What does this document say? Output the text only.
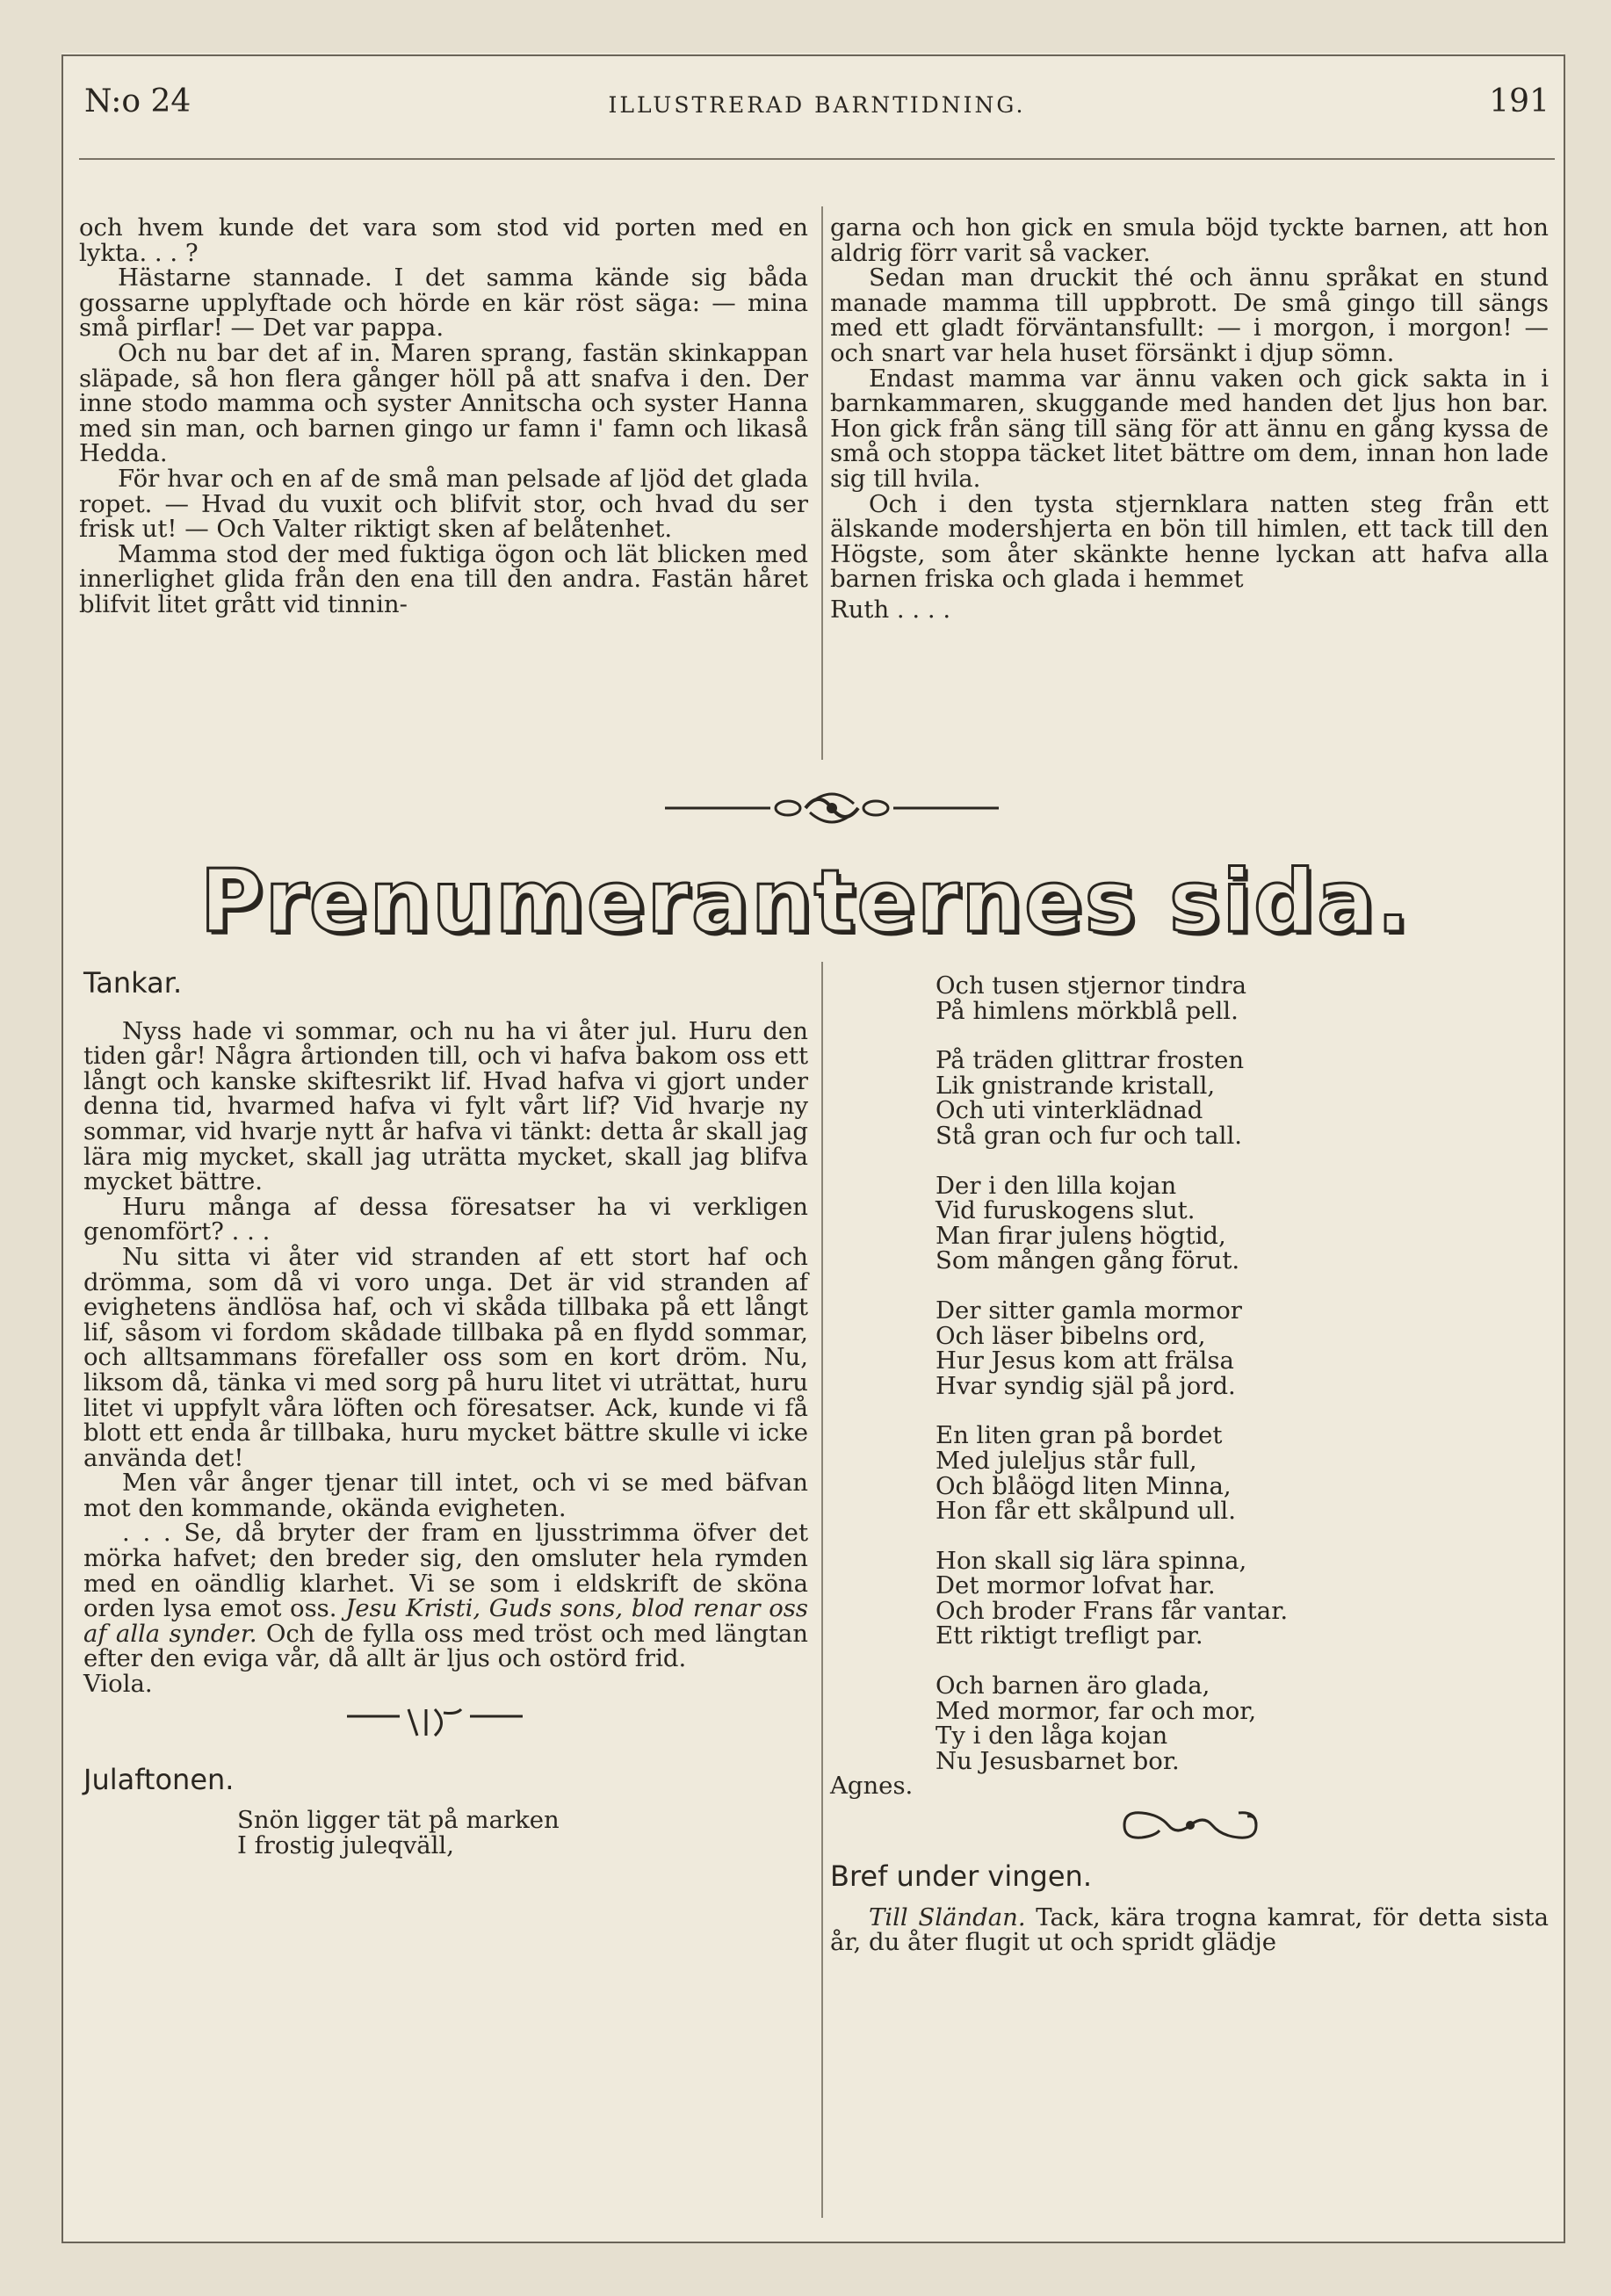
N:o 24	ILLUSTRERAD BARNTIDNING.	191

och hvem kunde det vara som stod vid porten med en lykta. . . ?

Hästarne stannade. I det samma kände sig båda gossarne upplyftade och hörde en kär röst säga: — mina små pirflar! — Det var pappa.

Och nu bar det af in. Maren sprang, fastän skinkappan släpade, så hon flera gånger höll på att snafva i den. Der inne stodo mamma och syster Annitscha och syster Hanna med sin man, och barnen gingo ur famn i' famn och likaså Hedda.

För hvar och en af de små man pelsade af ljöd det glada ropet. — Hvad du vuxit och blifvit stor, och hvad du ser frisk ut! — Och Valter riktigt sken af belåtenhet.

Mamma stod der med fuktiga ögon och lät blicken med innerlighet glida från den ena till den andra. Fastän håret blifvit litet grått vid tinnin-

garna och hon gick en smula böjd tyckte barnen, att hon aldrig förr varit så vacker.

Sedan man druckit thé och ännu språkat en stund manade mamma till uppbrott. De små gingo till sängs med ett gladt förväntansfullt: — i morgon, i morgon! — och snart var hela huset försänkt i djup sömn.

Endast mamma var ännu vaken och gick sakta in i barnkammaren, skuggande med handen det ljus hon bar. Hon gick från säng till säng för att ännu en gång kyssa de små och stoppa täcket litet bättre om dem, innan hon lade sig till hvila.

Och i den tysta stjernklara natten steg från ett älskande modershjerta en bön till himlen, ett tack till den Högste, som åter skänkte henne lyckan att hafva alla barnen friska och glada i hemmet

Ruth . . . .

Prenumeranternes sida.

Tankar.

Nyss hade vi sommar, och nu ha vi åter jul. Huru den tiden går! Några årtionden till, och vi hafva bakom oss ett långt och kanske skiftesrikt lif. Hvad hafva vi gjort under denna tid, hvarmed hafva vi fylt vårt lif? Vid hvarje ny sommar, vid hvarje nytt år hafva vi tänkt: detta år skall jag lära mig mycket, skall jag uträtta mycket, skall jag blifva mycket bättre.

Huru många af dessa föresatser ha vi verkligen genomfört? . . .

Nu sitta vi åter vid stranden af ett stort haf och drömma, som då vi voro unga. Det är vid stranden af evighetens ändlösa haf, och vi skåda tillbaka på ett långt lif, såsom vi fordom skådade tillbaka på en flydd sommar, och alltsammans förefaller oss som en kort dröm. Nu, liksom då, tänka vi med sorg på huru litet vi uträttat, huru litet vi uppfylt våra löften och föresatser. Ack, kunde vi få blott ett enda år tillbaka, huru mycket bättre skulle vi icke använda det!

Men vår ånger tjenar till intet, och vi se med bäfvan mot den kommande, okända evigheten.

. . . Se, då bryter der fram en ljusstrimma öfver det mörka hafvet; den breder sig, den omsluter hela rymden med en oändlig klarhet. Vi se som i eldskrift de sköna orden lysa emot oss. Jesu Kristi, Guds sons, blod renar oss af alla synder. Och de fylla oss med tröst och med längtan efter den eviga vår, då allt är ljus och ostörd frid.

Viola.

Julaftonen.

Snön ligger tät på marken

I frostig juleqväll,

Och tusen stjernor tindra

På himlens mörkblå pell.

På träden glittrar frosten

Lik gnistrande kristall,

Och uti vinterklädnad

Stå gran och fur och tall.

Der i den lilla kojan

Vid furuskogens slut.

Man firar julens högtid,

Som mången gång förut.

Der sitter gamla mormor

Och läser bibelns ord,

Hur Jesus kom att frälsa

Hvar syndig själ på jord.

En liten gran på bordet

Med juleljus står full,

Och blåögd liten Minna,

Hon får ett skålpund ull.

Hon skall sig lära spinna,

Det mormor lofvat har.

Och broder Frans får vantar.

Ett riktigt trefligt par.

Och barnen äro glada,

Med mormor, far och mor,

Ty i den låga kojan

Nu Jesusbarnet bor.

Agnes.

Bref under vingen.

Till Sländan. Tack, kära trogna kamrat, för detta sista år, du åter flugit ut och spridt glädje
